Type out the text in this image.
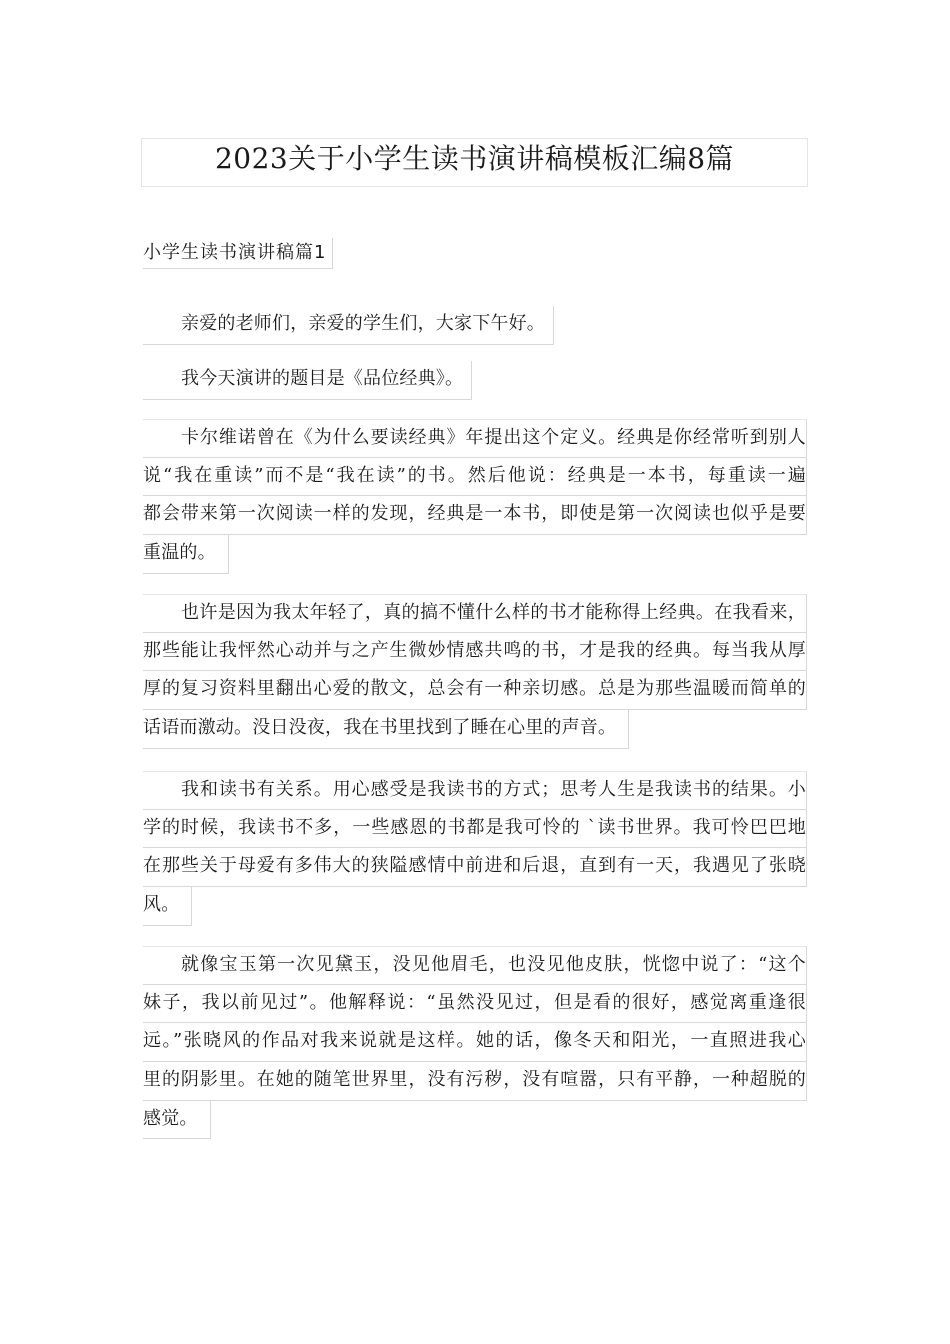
2023关于小学生读书演讲稿模板汇编8篇
小学生读书演讲稿篇1
亲爱的老师们，亲爱的学生们，大家下午好。
我今天演讲的题目是《品位经典》。
卡尔维诺曾在《为什么要读经典》年提出这个定义。经典是你经常听到别人
说“我在重读”而不是“我在读”的书。然后他说：经典是一本书，每重读一遍
都会带来第一次阅读一样的发现，经典是一本书，即使是第一次阅读也似乎是要
重温的。
也许是因为我太年轻了，真的搞不懂什么样的书才能称得上经典。在我看来，
那些能让我怦然心动并与之产生微妙情感共鸣的书，才是我的经典。每当我从厚
厚的复习资料里翻出心爱的散文，总会有一种亲切感。总是为那些温暖而简单的
话语而激动。没日没夜，我在书里找到了睡在心里的声音。
我和读书有关系。用心感受是我读书的方式；思考人生是我读书的结果。小
学的时候，我读书不多，一些感恩的书都是我可怜的 `读书世界。我可怜巴巴地
在那些关于母爱有多伟大的狭隘感情中前进和后退，直到有一天，我遇见了张晓
风。
就像宝玉第一次见黛玉，没见他眉毛，也没见他皮肤，恍惚中说了：“这个
妹子，我以前见过”。他解释说：“虽然没见过，但是看的很好，感觉离重逢很
远。”张晓风的作品对我来说就是这样。她的话，像冬天和阳光，一直照进我心
里的阴影里。在她的随笔世界里，没有污秽，没有喧嚣，只有平静，一种超脱的
感觉。
